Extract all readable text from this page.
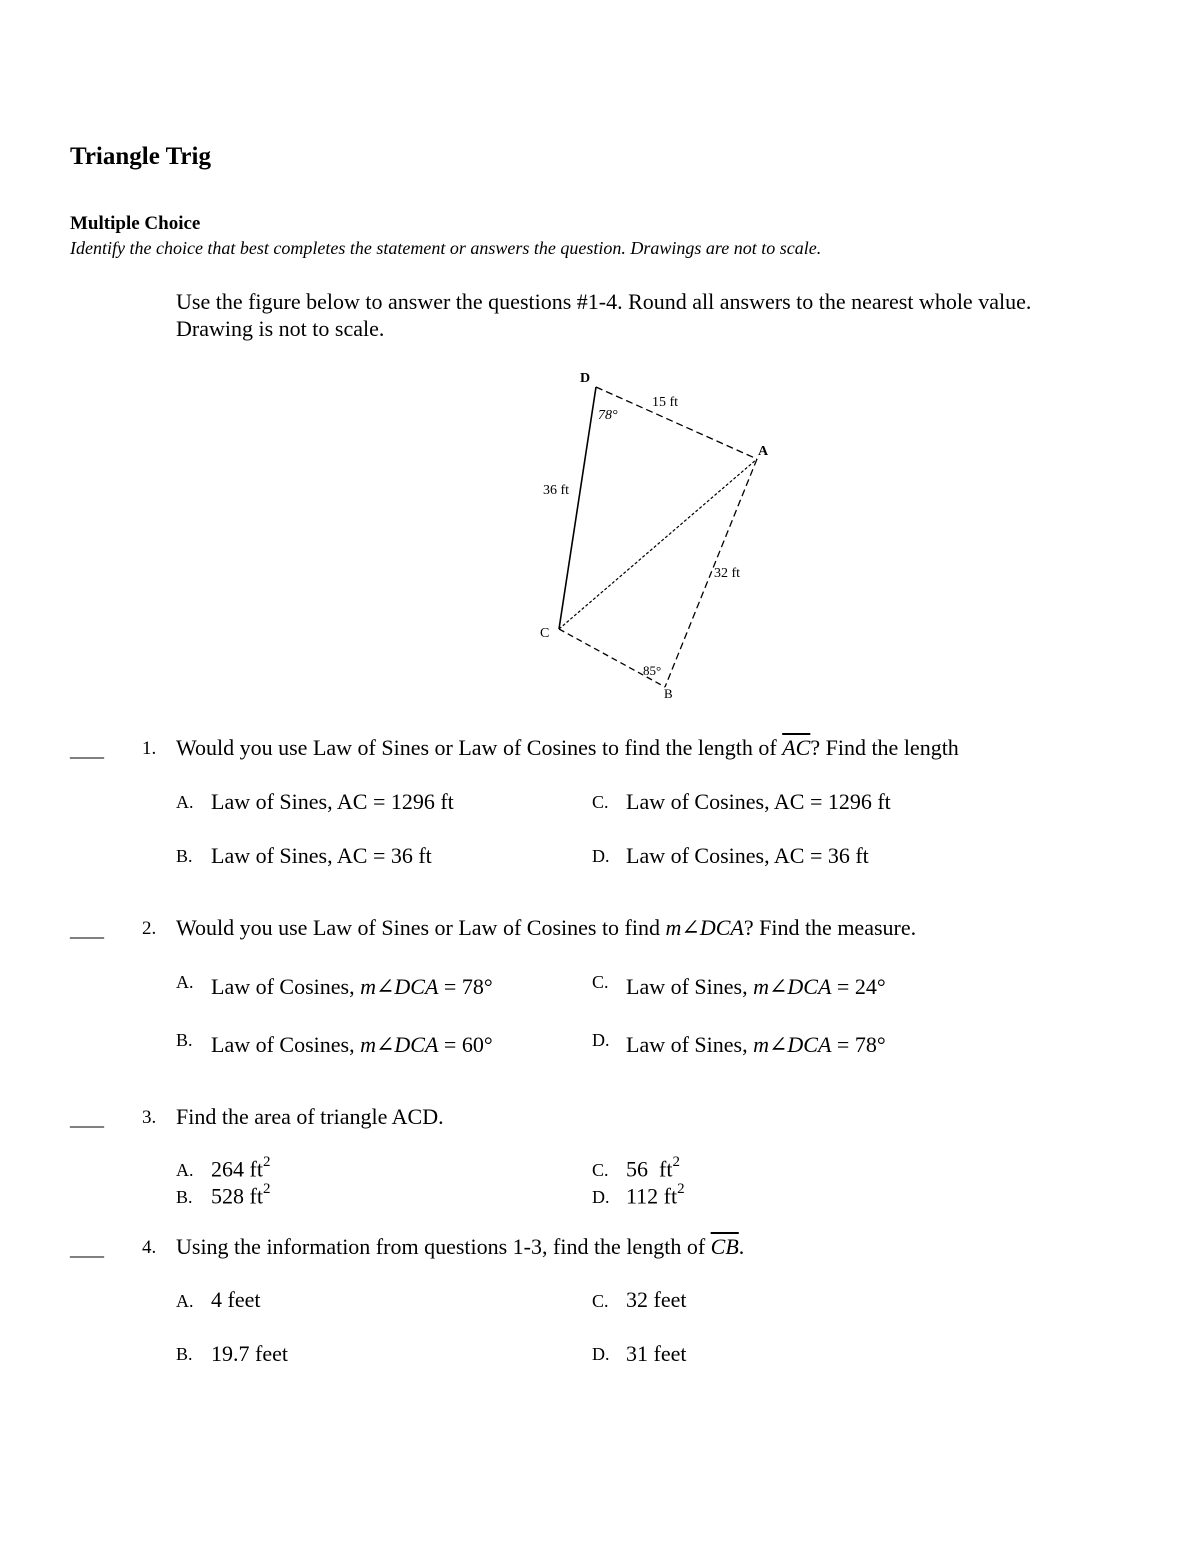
Triangle Trig
Multiple Choice
Identify the choice that best completes the statement or answers the question. Drawings are not to scale.
Use the figure below to answer the questions #1-4. Round all answers to the nearest whole value.
Drawing is not to scale.
D
A
C
B
15 ft
36 ft
32 ft
78°
85°
____ 1. Would you use Law of Sines or Law of Cosines to find the length of $\overline{AC}$? Find the length
A. Law of Sines, AC = 1296 ft
B. Law of Sines, AC = 36 ft
C. Law of Cosines, AC = 1296 ft
D. Law of Cosines, AC = 36 ft
____ 2. Would you use Law of Sines or Law of Cosines to find m∠DCA? Find the measure.
A. Law of Cosines, m∠DCA = 78°
B. Law of Cosines, m∠DCA = 60°
C. Law of Sines, m∠DCA = 24°
D. Law of Sines, m∠DCA = 78°
____ 3. Find the area of triangle ACD.
A. 264 $ft^2$
B. 528 $ft^2$
C. 56  $ft^2$
D. 112 $ft^2$
____ 4. Using the information from questions 1-3, find the length of $\overline{CB}$.
A. 4 feet
B. 19.7 feet
C. 32 feet
D. 31 feet
